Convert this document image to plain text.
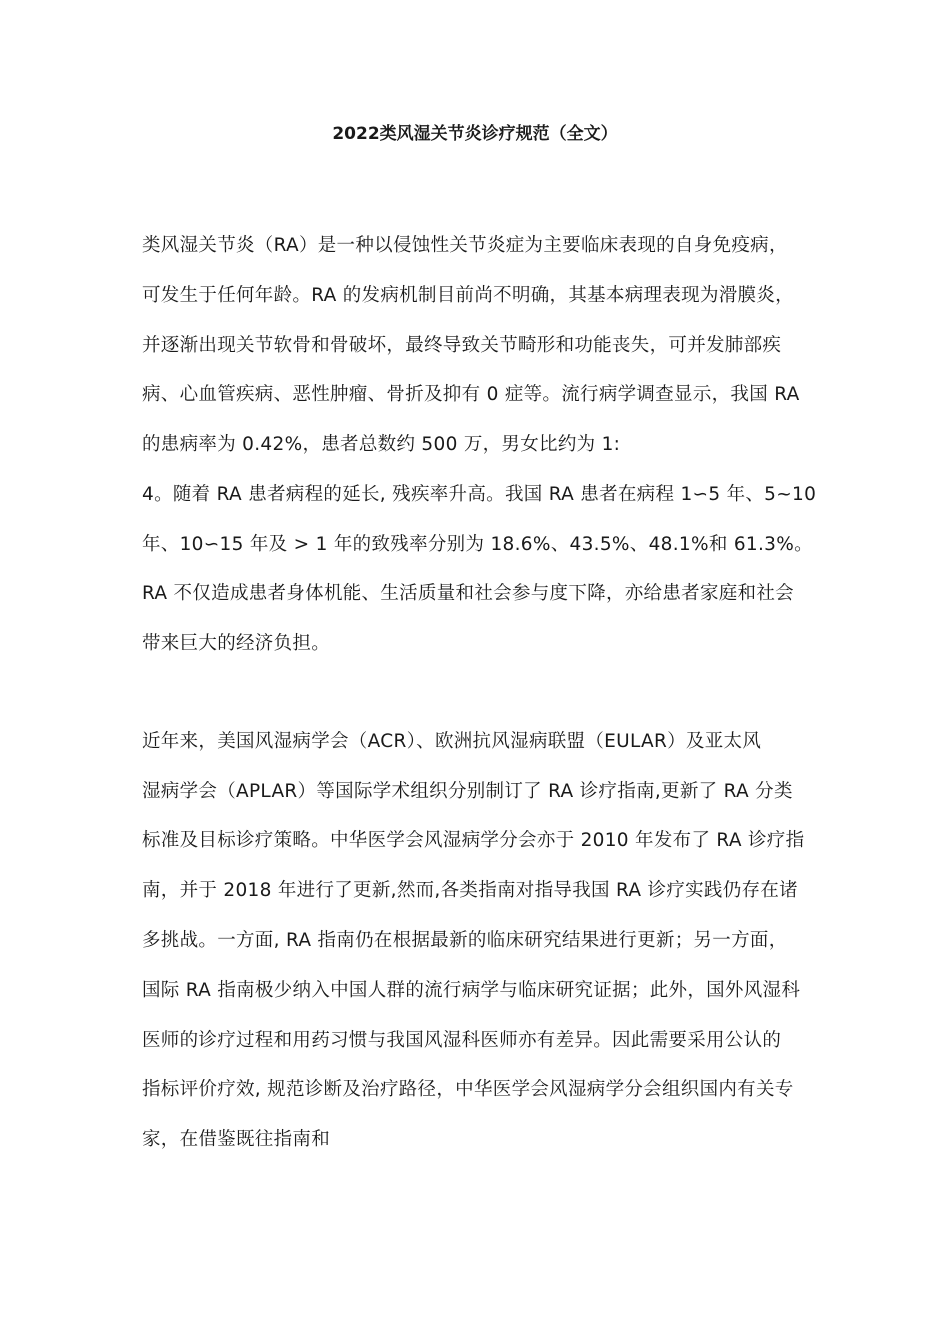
2022类风湿关节炎诊疗规范（全文）

类风湿关节炎（RA）是一种以侵蚀性关节炎症为主要临床表现的自身免疫病，

可发生于任何年龄。RA 的发病机制目前尚不明确，其基本病理表现为滑膜炎，

并逐渐出现关节软骨和骨破坏，最终导致关节畸形和功能丧失，可并发肺部疾

病、心血管疾病、恶性肿瘤、骨折及抑有 0 症等。流行病学调查显示，我国 RA

的患病率为 0.42%，患者总数约 500 万，男女比约为 1:

4。随着 RA 患者病程的延长, 残疾率升高。我国 RA 患者在病程 1∽5 年、5~10

年、10∽15 年及 > 1 年的致残率分别为 18.6%、43.5%、48.1%和 61.3%。

RA 不仅造成患者身体机能、生活质量和社会参与度下降，亦给患者家庭和社会

带来巨大的经济负担。

近年来，美国风湿病学会（ACR）、欧洲抗风湿病联盟（EULAR）及亚太风

湿病学会（APLAR）等国际学术组织分别制订了 RA 诊疗指南,更新了 RA 分类

标准及目标诊疗策略。中华医学会风湿病学分会亦于 2010 年发布了 RA 诊疗指

南，并于 2018 年进行了更新,然而,各类指南对指导我国 RA 诊疗实践仍存在诸

多挑战。一方面, RA 指南仍在根据最新的临床研究结果进行更新；另一方面，

国际 RA 指南极少纳入中国人群的流行病学与临床研究证据；此外，国外风湿科

医师的诊疗过程和用药习惯与我国风湿科医师亦有差异。因此需要采用公认的

指标评价疗效, 规范诊断及治疗路径，中华医学会风湿病学分会组织国内有关专

家，在借鉴既往指南和
